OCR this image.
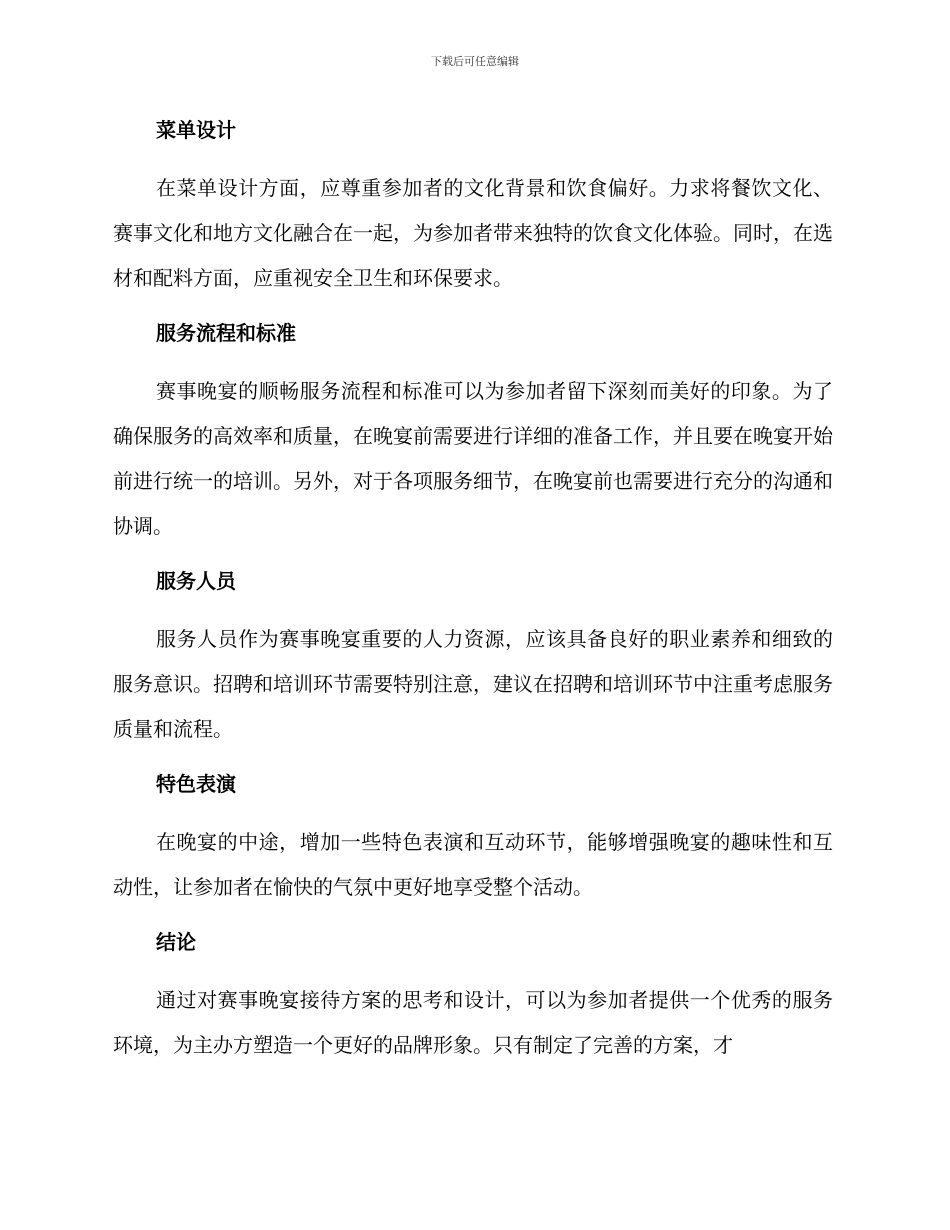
下载后可任意编辑
菜单设计

在菜单设计方面，应尊重参加者的文化背景和饮食偏好。力求将餐饮文化、赛事文化和地方文化融合在一起，为参加者带来独特的饮食文化体验。同时，在选材和配料方面，应重视安全卫生和环保要求。

服务流程和标准

赛事晚宴的顺畅服务流程和标准可以为参加者留下深刻而美好的印象。为了确保服务的高效率和质量，在晚宴前需要进行详细的准备工作，并且要在晚宴开始前进行统一的培训。另外，对于各项服务细节，在晚宴前也需要进行充分的沟通和协调。

服务人员

服务人员作为赛事晚宴重要的人力资源，应该具备良好的职业素养和细致的服务意识。招聘和培训环节需要特别注意，建议在招聘和培训环节中注重考虑服务质量和流程。

特色表演

在晚宴的中途，增加一些特色表演和互动环节，能够增强晚宴的趣味性和互动性，让参加者在愉快的气氛中更好地享受整个活动。

结论

通过对赛事晚宴接待方案的思考和设计，可以为参加者提供一个优秀的服务环境，为主办方塑造一个更好的品牌形象。只有制定了完善的方案，才
